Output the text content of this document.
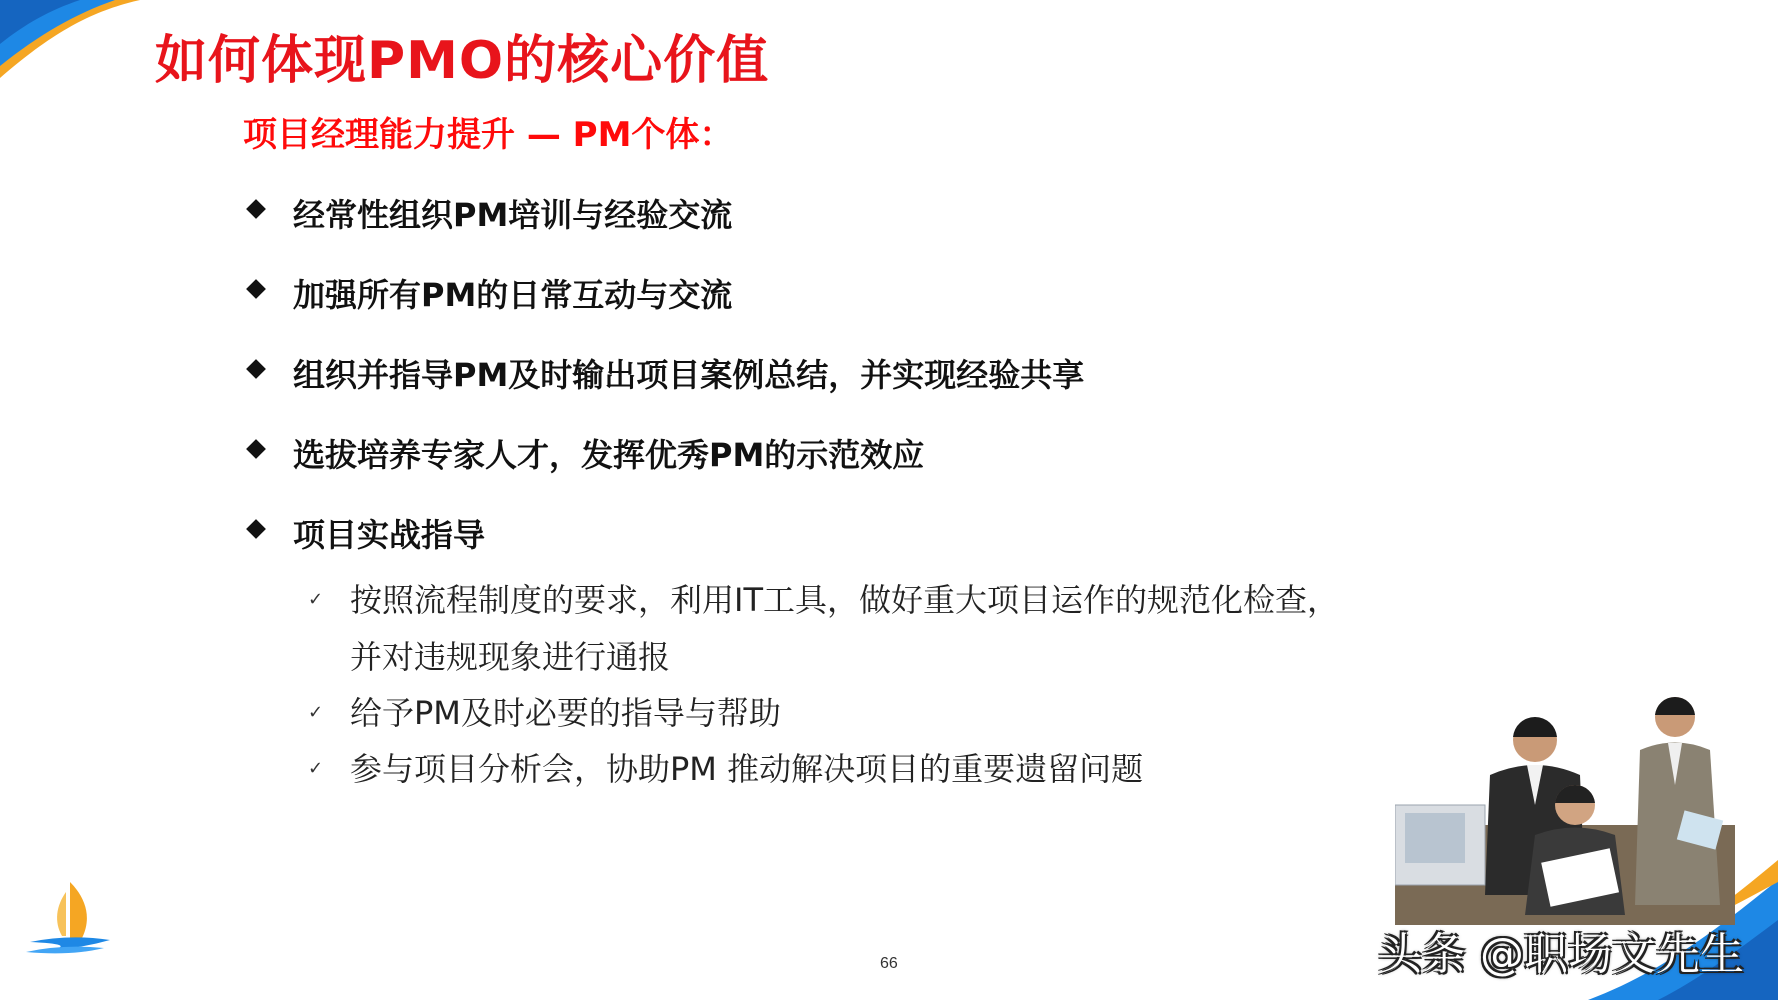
如何体现PMO的核心价值
项目经理能力提升 — PM个体：
经常性组织PM培训与经验交流
加强所有PM的日常互动与交流
组织并指导PM及时输出项目案例总结，并实现经验共享
选拔培养专家人才，发挥优秀PM的示范效应
项目实战指导
✓ 按照流程制度的要求，利用IT工具，做好重大项目运作的规范化检查，
并对违规现象进行通报
✓ 给予PM及时必要的指导与帮助
✓ 参与项目分析会，协助PM 推动解决项目的重要遗留问题
66	头条 @职场文先生
